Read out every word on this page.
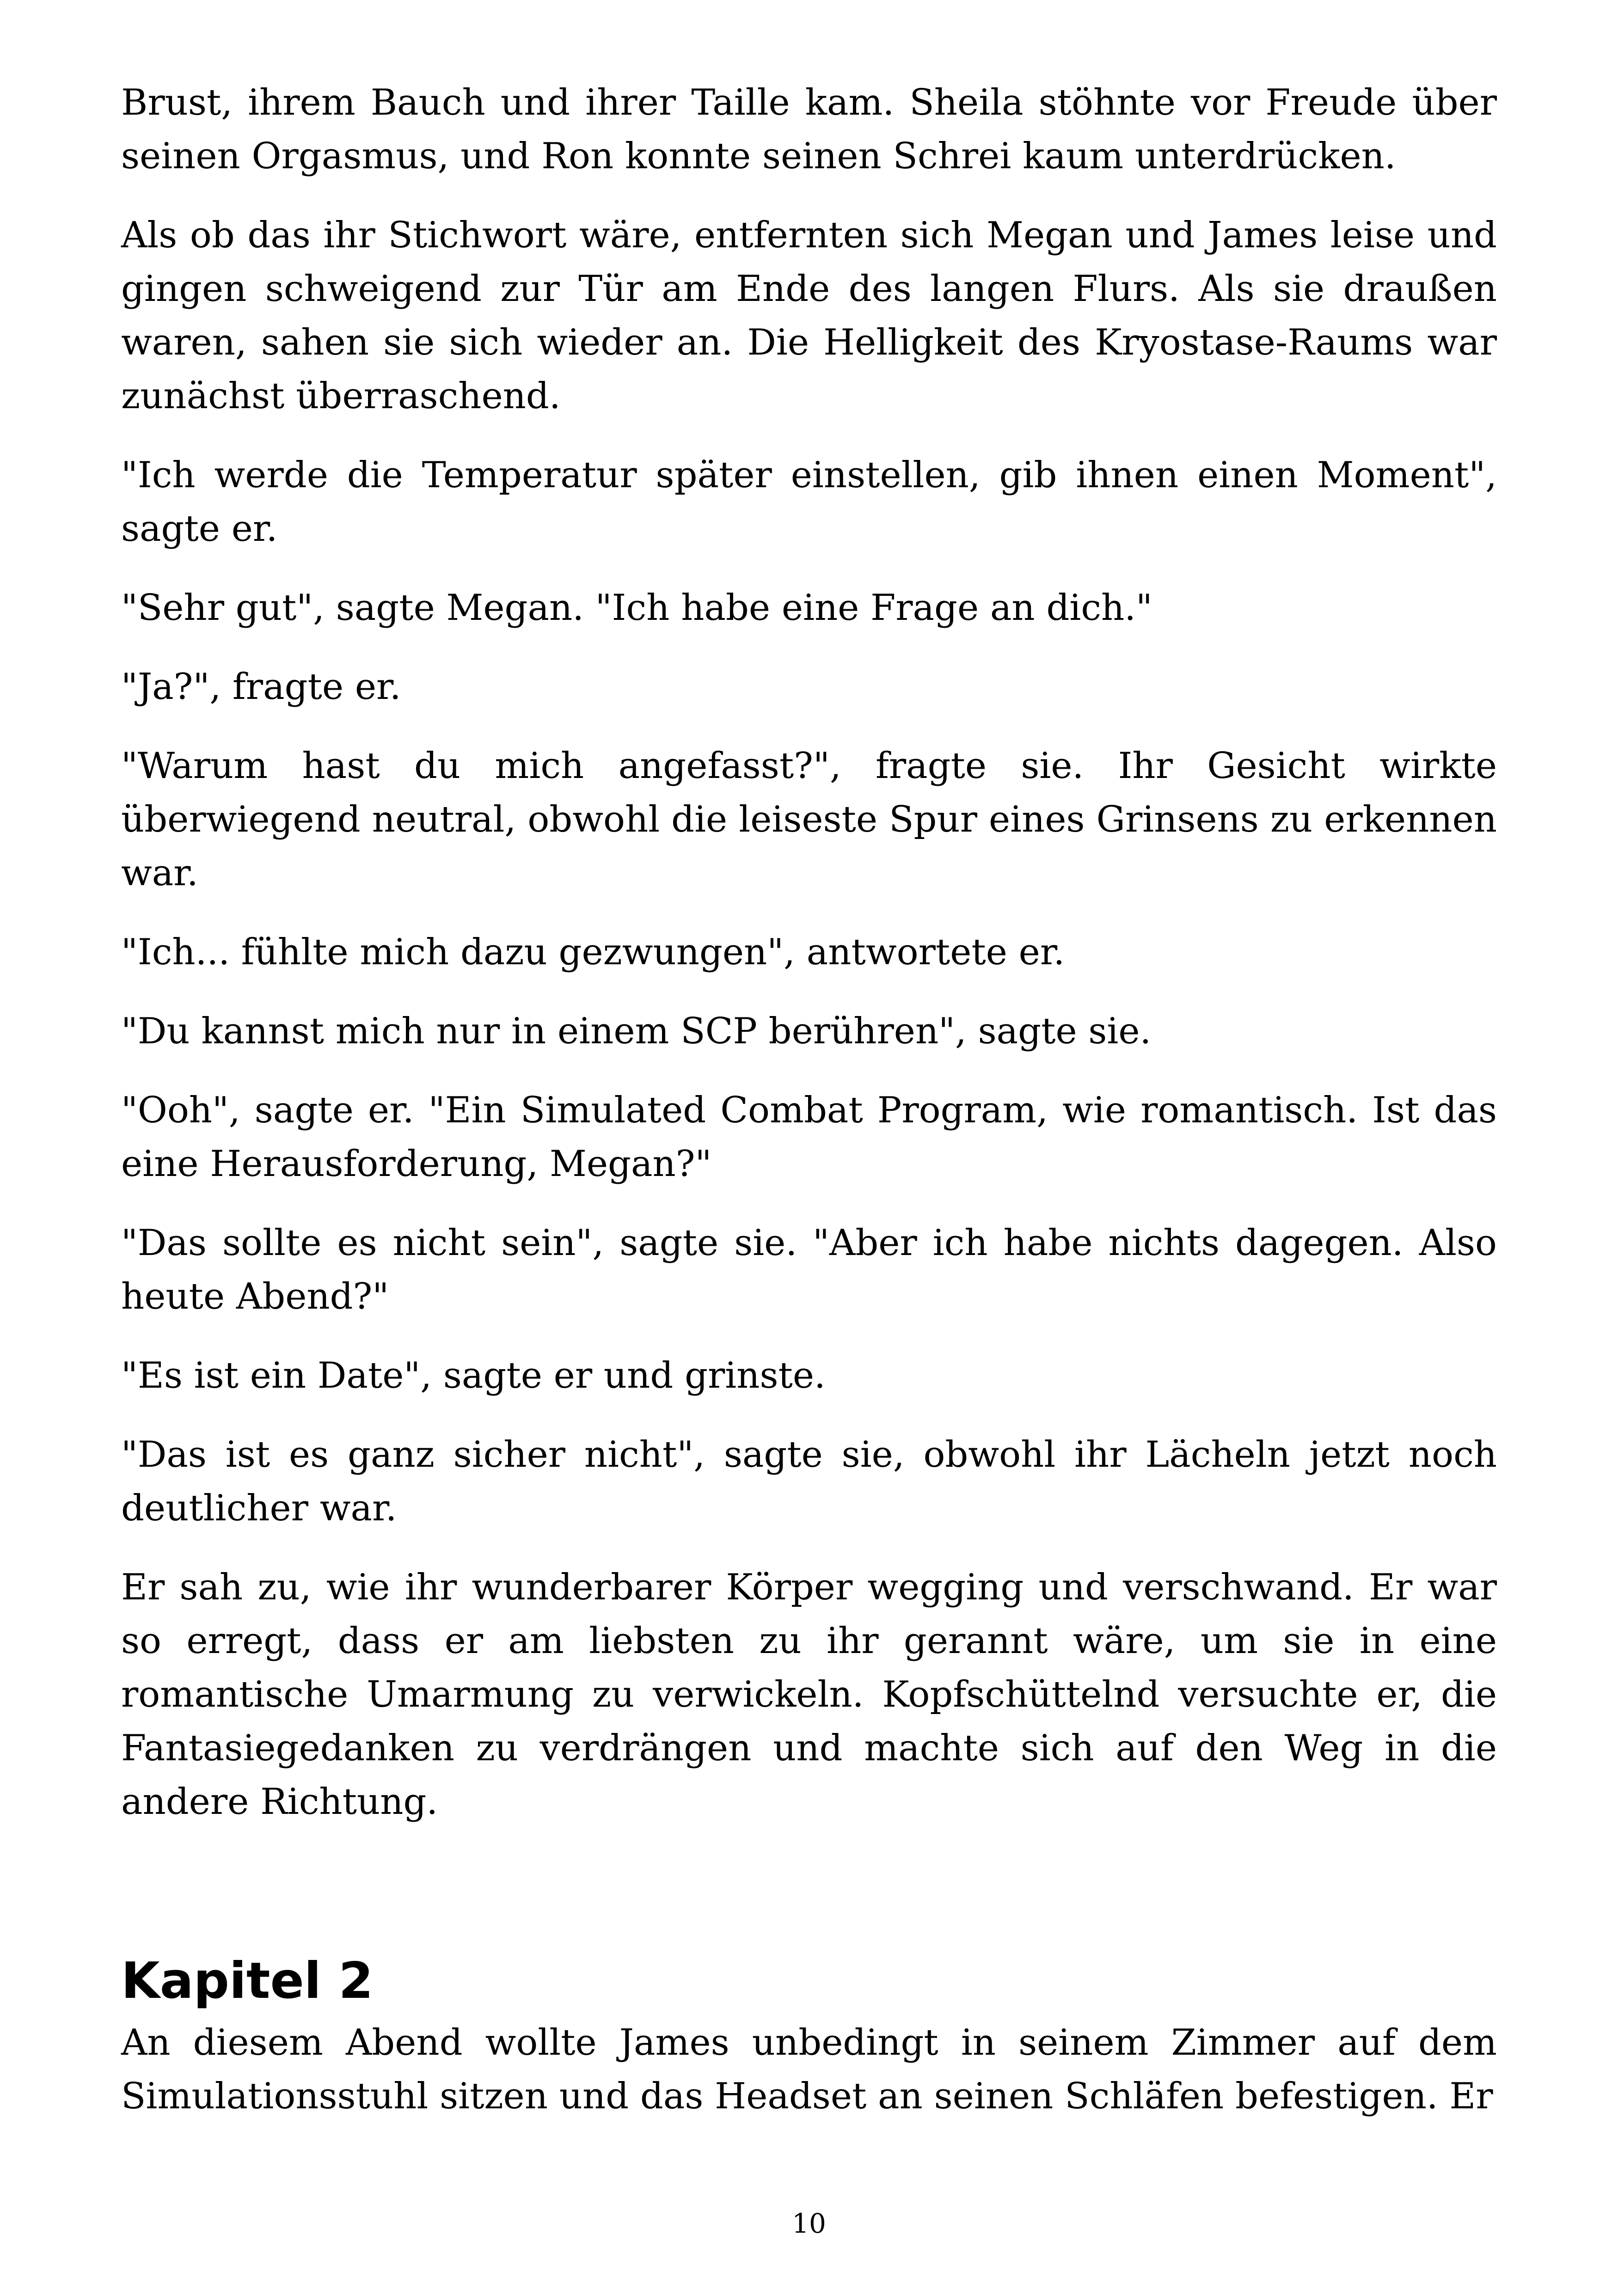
Brust, ihrem Bauch und ihrer Taille kam. Sheila stöhnte vor Freude über seinen Orgasmus, und Ron konnte seinen Schrei kaum unterdrücken.

Als ob das ihr Stichwort wäre, entfernten sich Megan und James leise und gingen schweigend zur Tür am Ende des langen Flurs. Als sie draußen waren, sahen sie sich wieder an. Die Helligkeit des Kryostase-Raums war zunächst überraschend.

"Ich werde die Temperatur später einstellen, gib ihnen einen Moment", sagte er.

"Sehr gut", sagte Megan. "Ich habe eine Frage an dich."

"Ja?", fragte er.

"Warum hast du mich angefasst?", fragte sie. Ihr Gesicht wirkte überwiegend neutral, obwohl die leiseste Spur eines Grinsens zu erkennen war.

"Ich... fühlte mich dazu gezwungen", antwortete er.

"Du kannst mich nur in einem SCP berühren", sagte sie.

"Ooh", sagte er. "Ein Simulated Combat Program, wie romantisch. Ist das eine Herausforderung, Megan?"

"Das sollte es nicht sein", sagte sie. "Aber ich habe nichts dagegen. Also heute Abend?"

"Es ist ein Date", sagte er und grinste.

"Das ist es ganz sicher nicht", sagte sie, obwohl ihr Lächeln jetzt noch deutlicher war.

Er sah zu, wie ihr wunderbarer Körper wegging und verschwand. Er war so erregt, dass er am liebsten zu ihr gerannt wäre, um sie in eine romantische Umarmung zu verwickeln. Kopfschüttelnd versuchte er, die Fantasiegedanken zu verdrängen und machte sich auf den Weg in die andere Richtung.

Kapitel 2

An diesem Abend wollte James unbedingt in seinem Zimmer auf dem Simulationsstuhl sitzen und das Headset an seinen Schläfen befestigen. Er

10
